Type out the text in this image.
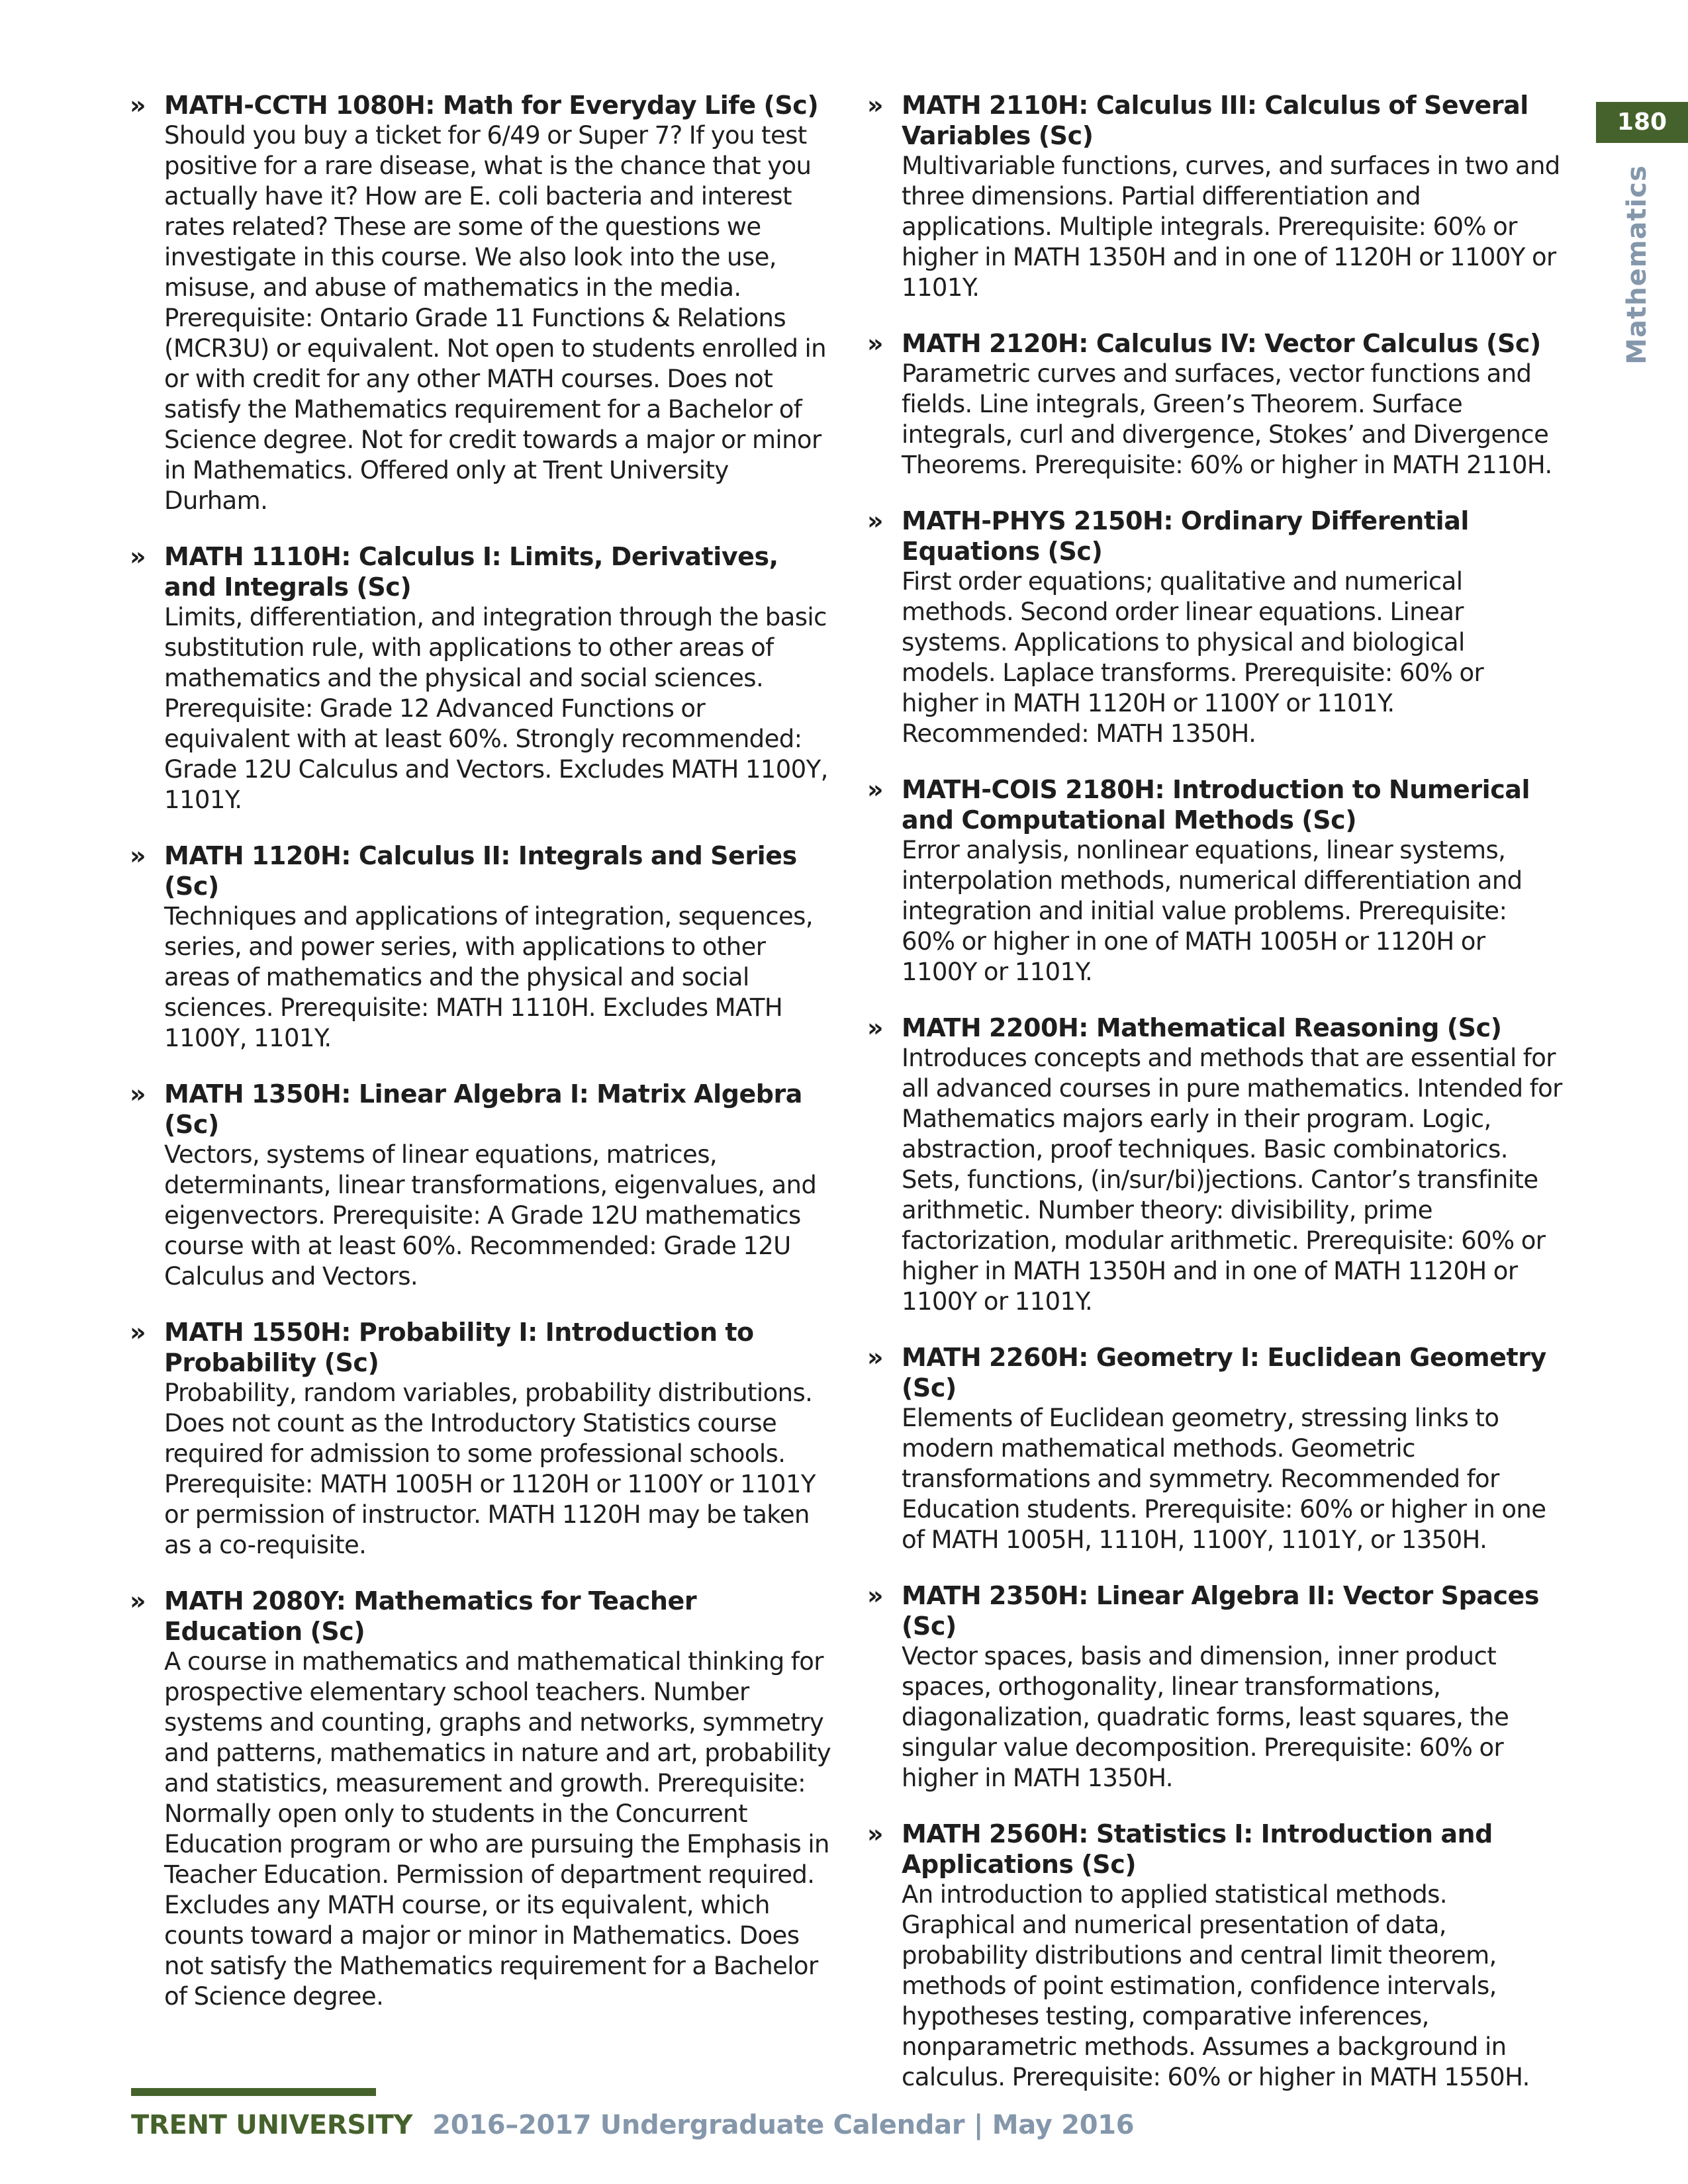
» MATH-CCTH 1080H: Math for Everyday Life (Sc)
Should you buy a ticket for 6/49 or Super 7? If you test positive for a rare disease, what is the chance that you actually have it? How are E. coli bacteria and interest rates related? These are some of the questions we investigate in this course. We also look into the use, misuse, and abuse of mathematics in the media. Prerequisite: Ontario Grade 11 Functions & Relations (MCR3U) or equivalent. Not open to students enrolled in or with credit for any other MATH courses. Does not satisfy the Mathematics requirement for a Bachelor of Science degree. Not for credit towards a major or minor in Mathematics. Offered only at Trent University Durham.
» MATH 1110H: Calculus I: Limits, Derivatives, and Integrals (Sc)
Limits, differentiation, and integration through the basic substitution rule, with applications to other areas of mathematics and the physical and social sciences. Prerequisite: Grade 12 Advanced Functions or equivalent with at least 60%. Strongly recommended: Grade 12U Calculus and Vectors. Excludes MATH 1100Y, 1101Y.
» MATH 1120H: Calculus II: Integrals and Series (Sc)
Techniques and applications of integration, sequences, series, and power series, with applications to other areas of mathematics and the physical and social sciences. Prerequisite: MATH 1110H. Excludes MATH 1100Y, 1101Y.
» MATH 1350H: Linear Algebra I: Matrix Algebra (Sc)
Vectors, systems of linear equations, matrices, determinants, linear transformations, eigenvalues, and eigenvectors. Prerequisite: A Grade 12U mathematics course with at least 60%. Recommended: Grade 12U Calculus and Vectors.
» MATH 1550H: Probability I: Introduction to Probability (Sc)
Probability, random variables, probability distributions. Does not count as the Introductory Statistics course required for admission to some professional schools. Prerequisite: MATH 1005H or 1120H or 1100Y or 1101Y or permission of instructor. MATH 1120H may be taken as a co-requisite.
» MATH 2080Y: Mathematics for Teacher Education (Sc)
A course in mathematics and mathematical thinking for prospective elementary school teachers. Number systems and counting, graphs and networks, symmetry and patterns, mathematics in nature and art, probability and statistics, measurement and growth. Prerequisite: Normally open only to students in the Concurrent Education program or who are pursuing the Emphasis in Teacher Education. Permission of department required. Excludes any MATH course, or its equivalent, which counts toward a major or minor in Mathematics. Does not satisfy the Mathematics requirement for a Bachelor of Science degree.
» MATH 2110H: Calculus III: Calculus of Several Variables (Sc)
Multivariable functions, curves, and surfaces in two and three dimensions. Partial differentiation and applications. Multiple integrals. Prerequisite: 60% or higher in MATH 1350H and in one of 1120H or 1100Y or 1101Y.
» MATH 2120H: Calculus IV: Vector Calculus (Sc)
Parametric curves and surfaces, vector functions and fields. Line integrals, Green’s Theorem. Surface integrals, curl and divergence, Stokes’ and Divergence Theorems. Prerequisite: 60% or higher in MATH 2110H.
» MATH-PHYS 2150H: Ordinary Differential Equations (Sc)
First order equations; qualitative and numerical methods. Second order linear equations. Linear systems. Applications to physical and biological models. Laplace transforms. Prerequisite: 60% or higher in MATH 1120H or 1100Y or 1101Y. Recommended: MATH 1350H.
» MATH-COIS 2180H: Introduction to Numerical and Computational Methods (Sc)
Error analysis, nonlinear equations, linear systems, interpolation methods, numerical differentiation and integration and initial value problems. Prerequisite: 60% or higher in one of MATH 1005H or 1120H or 1100Y or 1101Y.
» MATH 2200H: Mathematical Reasoning (Sc)
Introduces concepts and methods that are essential for all advanced courses in pure mathematics. Intended for Mathematics majors early in their program. Logic, abstraction, proof techniques. Basic combinatorics. Sets, functions, (in/sur/bi)jections. Cantor’s transfinite arithmetic. Number theory: divisibility, prime factorization, modular arithmetic. Prerequisite: 60% or higher in MATH 1350H and in one of MATH 1120H or 1100Y or 1101Y.
» MATH 2260H: Geometry I: Euclidean Geometry (Sc)
Elements of Euclidean geometry, stressing links to modern mathematical methods. Geometric transformations and symmetry. Recommended for Education students. Prerequisite: 60% or higher in one of MATH 1005H, 1110H, 1100Y, 1101Y, or 1350H.
» MATH 2350H: Linear Algebra II: Vector Spaces (Sc)
Vector spaces, basis and dimension, inner product spaces, orthogonality, linear transformations, diagonalization, quadratic forms, least squares, the singular value decomposition. Prerequisite: 60% or higher in MATH 1350H.
» MATH 2560H: Statistics I: Introduction and Applications (Sc)
An introduction to applied statistical methods. Graphical and numerical presentation of data, probability distributions and central limit theorem, methods of point estimation, confidence intervals, hypotheses testing, comparative inferences, nonparametric methods. Assumes a background in calculus. Prerequisite: 60% or higher in MATH 1550H.
180
Mathematics
TRENT UNIVERSITY 2016–2017 Undergraduate Calendar | May 2016
